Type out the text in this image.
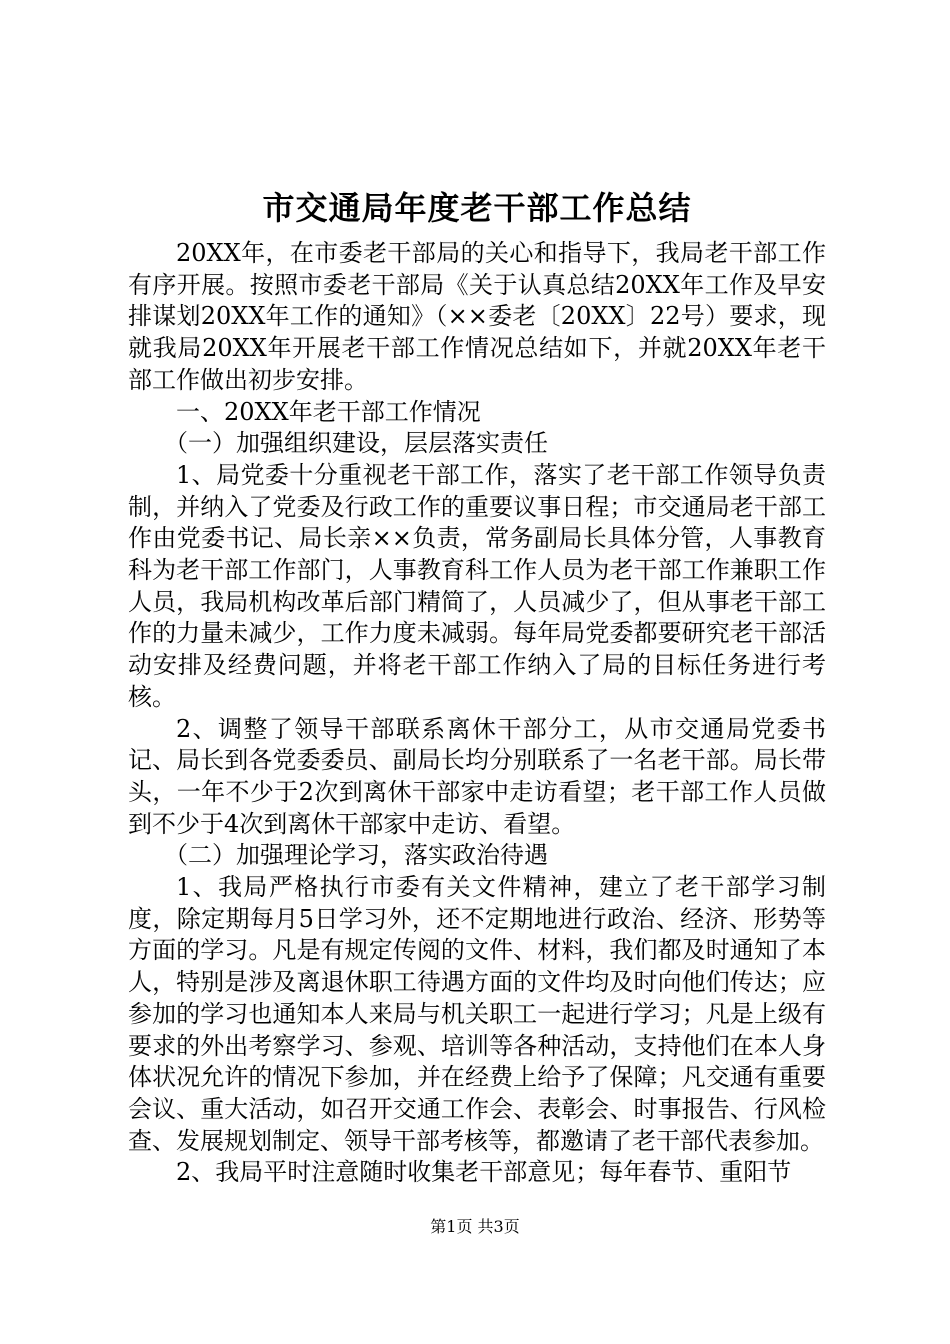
市交通局年度老干部工作总结

20XX年，在市委老干部局的关心和指导下，我局老干部工作有序开展。按照市委老干部局《关于认真总结20XX年工作及早安排谋划20XX年工作的通知》（××委老〔20XX〕22号）要求，现就我局20XX年开展老干部工作情况总结如下，并就20XX年老干部工作做出初步安排。

一、20XX年老干部工作情况

（一）加强组织建设，层层落实责任

1、局党委十分重视老干部工作，落实了老干部工作领导负责制，并纳入了党委及行政工作的重要议事日程；市交通局老干部工作由党委书记、局长亲××负责，常务副局长具体分管，人事教育科为老干部工作部门，人事教育科工作人员为老干部工作兼职工作人员，我局机构改革后部门精简了，人员减少了，但从事老干部工作的力量未减少，工作力度未减弱。每年局党委都要研究老干部活动安排及经费问题，并将老干部工作纳入了局的目标任务进行考核。

2、调整了领导干部联系离休干部分工，从市交通局党委书记、局长到各党委委员、副局长均分别联系了一名老干部。局长带头，一年不少于2次到离休干部家中走访看望；老干部工作人员做到不少于4次到离休干部家中走访、看望。

（二）加强理论学习，落实政治待遇

1、我局严格执行市委有关文件精神，建立了老干部学习制度，除定期每月5日学习外，还不定期地进行政治、经济、形势等方面的学习。凡是有规定传阅的文件、材料，我们都及时通知了本人，特别是涉及离退休职工待遇方面的文件均及时向他们传达；应参加的学习也通知本人来局与机关职工一起进行学习；凡是上级有要求的外出考察学习、参观、培训等各种活动，支持他们在本人身体状况允许的情况下参加，并在经费上给予了保障；凡交通有重要会议、重大活动，如召开交通工作会、表彰会、时事报告、行风检查、发展规划制定、领导干部考核等，都邀请了老干部代表参加。

2、我局平时注意随时收集老干部意见；每年春节、重阳节

第1页 共3页
